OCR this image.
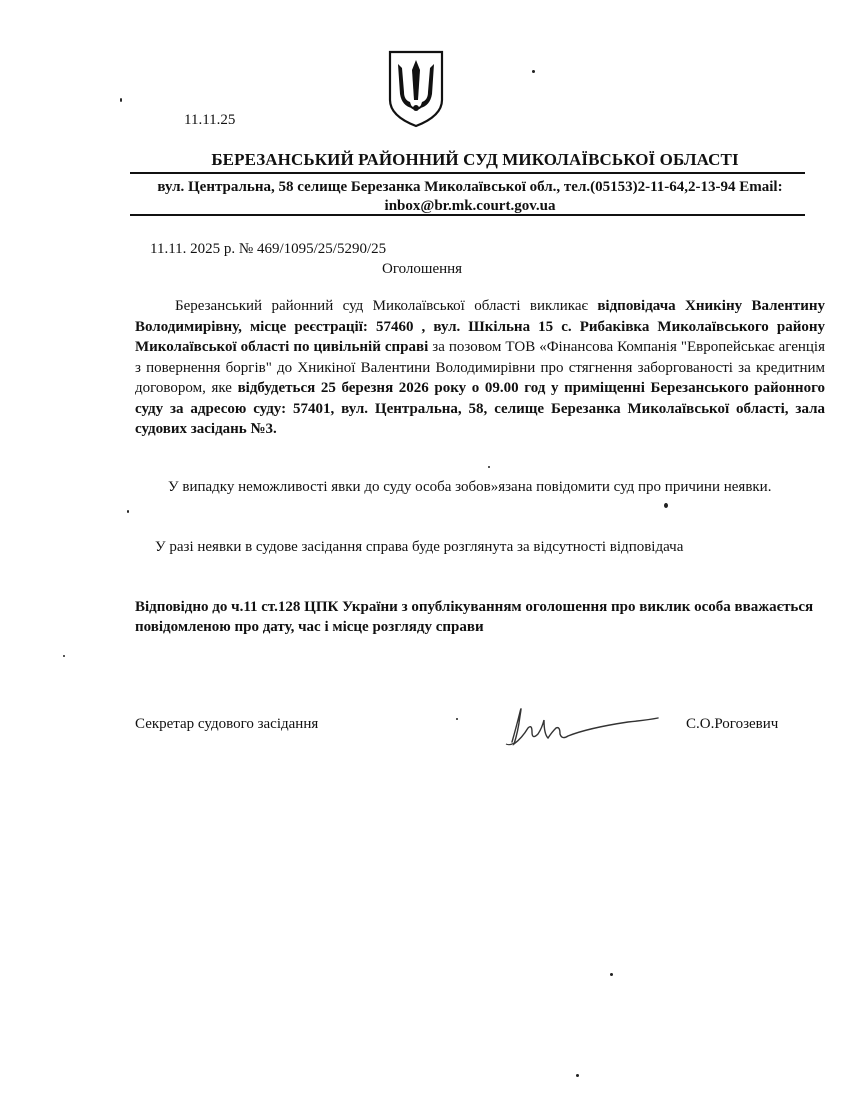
11.11.25
БЕРЕЗАНСЬКИЙ РАЙОННИЙ СУД МИКОЛАЇВСЬКОЇ ОБЛАСТІ
вул. Центральна, 58 селище Березанка Миколаївської обл., тел.(05153)2-11-64,2-13-94 Email: inbox@br.mk.court.gov.ua
11.11. 2025 р. № 469/1095/25/5290/25
Оголошення
Березанський районний суд Миколаївської області викликає відповідача Хникіну Валентину Володимирівну, місце реєстрації: 57460 , вул. Шкільна 15 с. Рибаківка Миколаївського району Миколаївської області по цивільній справі за позовом ТОВ «Фінансова Компанія "Европейськає агенція з повернення боргів" до Хникіної Валентини Володимирівни про стягнення заборгованості за кредитним договором, яке відбудеться 25 березня 2026 року о 09.00 год у приміщенні Березанського районного суду за адресою суду: 57401, вул. Центральна, 58, селище Березанка Миколаївської області, зала судових засідань №3.
У випадку неможливості явки до суду особа зобов»язана повідомити суд про причини неявки.
У разі неявки в судове засідання справа буде розглянута за відсутності відповідача
Відповідно до ч.11 ст.128 ЦПК України з опублікуванням оголошення про виклик особа вважається повідомленою про дату, час і місце розгляду справи
Секретар судового засідання	С.О.Рогозевич
